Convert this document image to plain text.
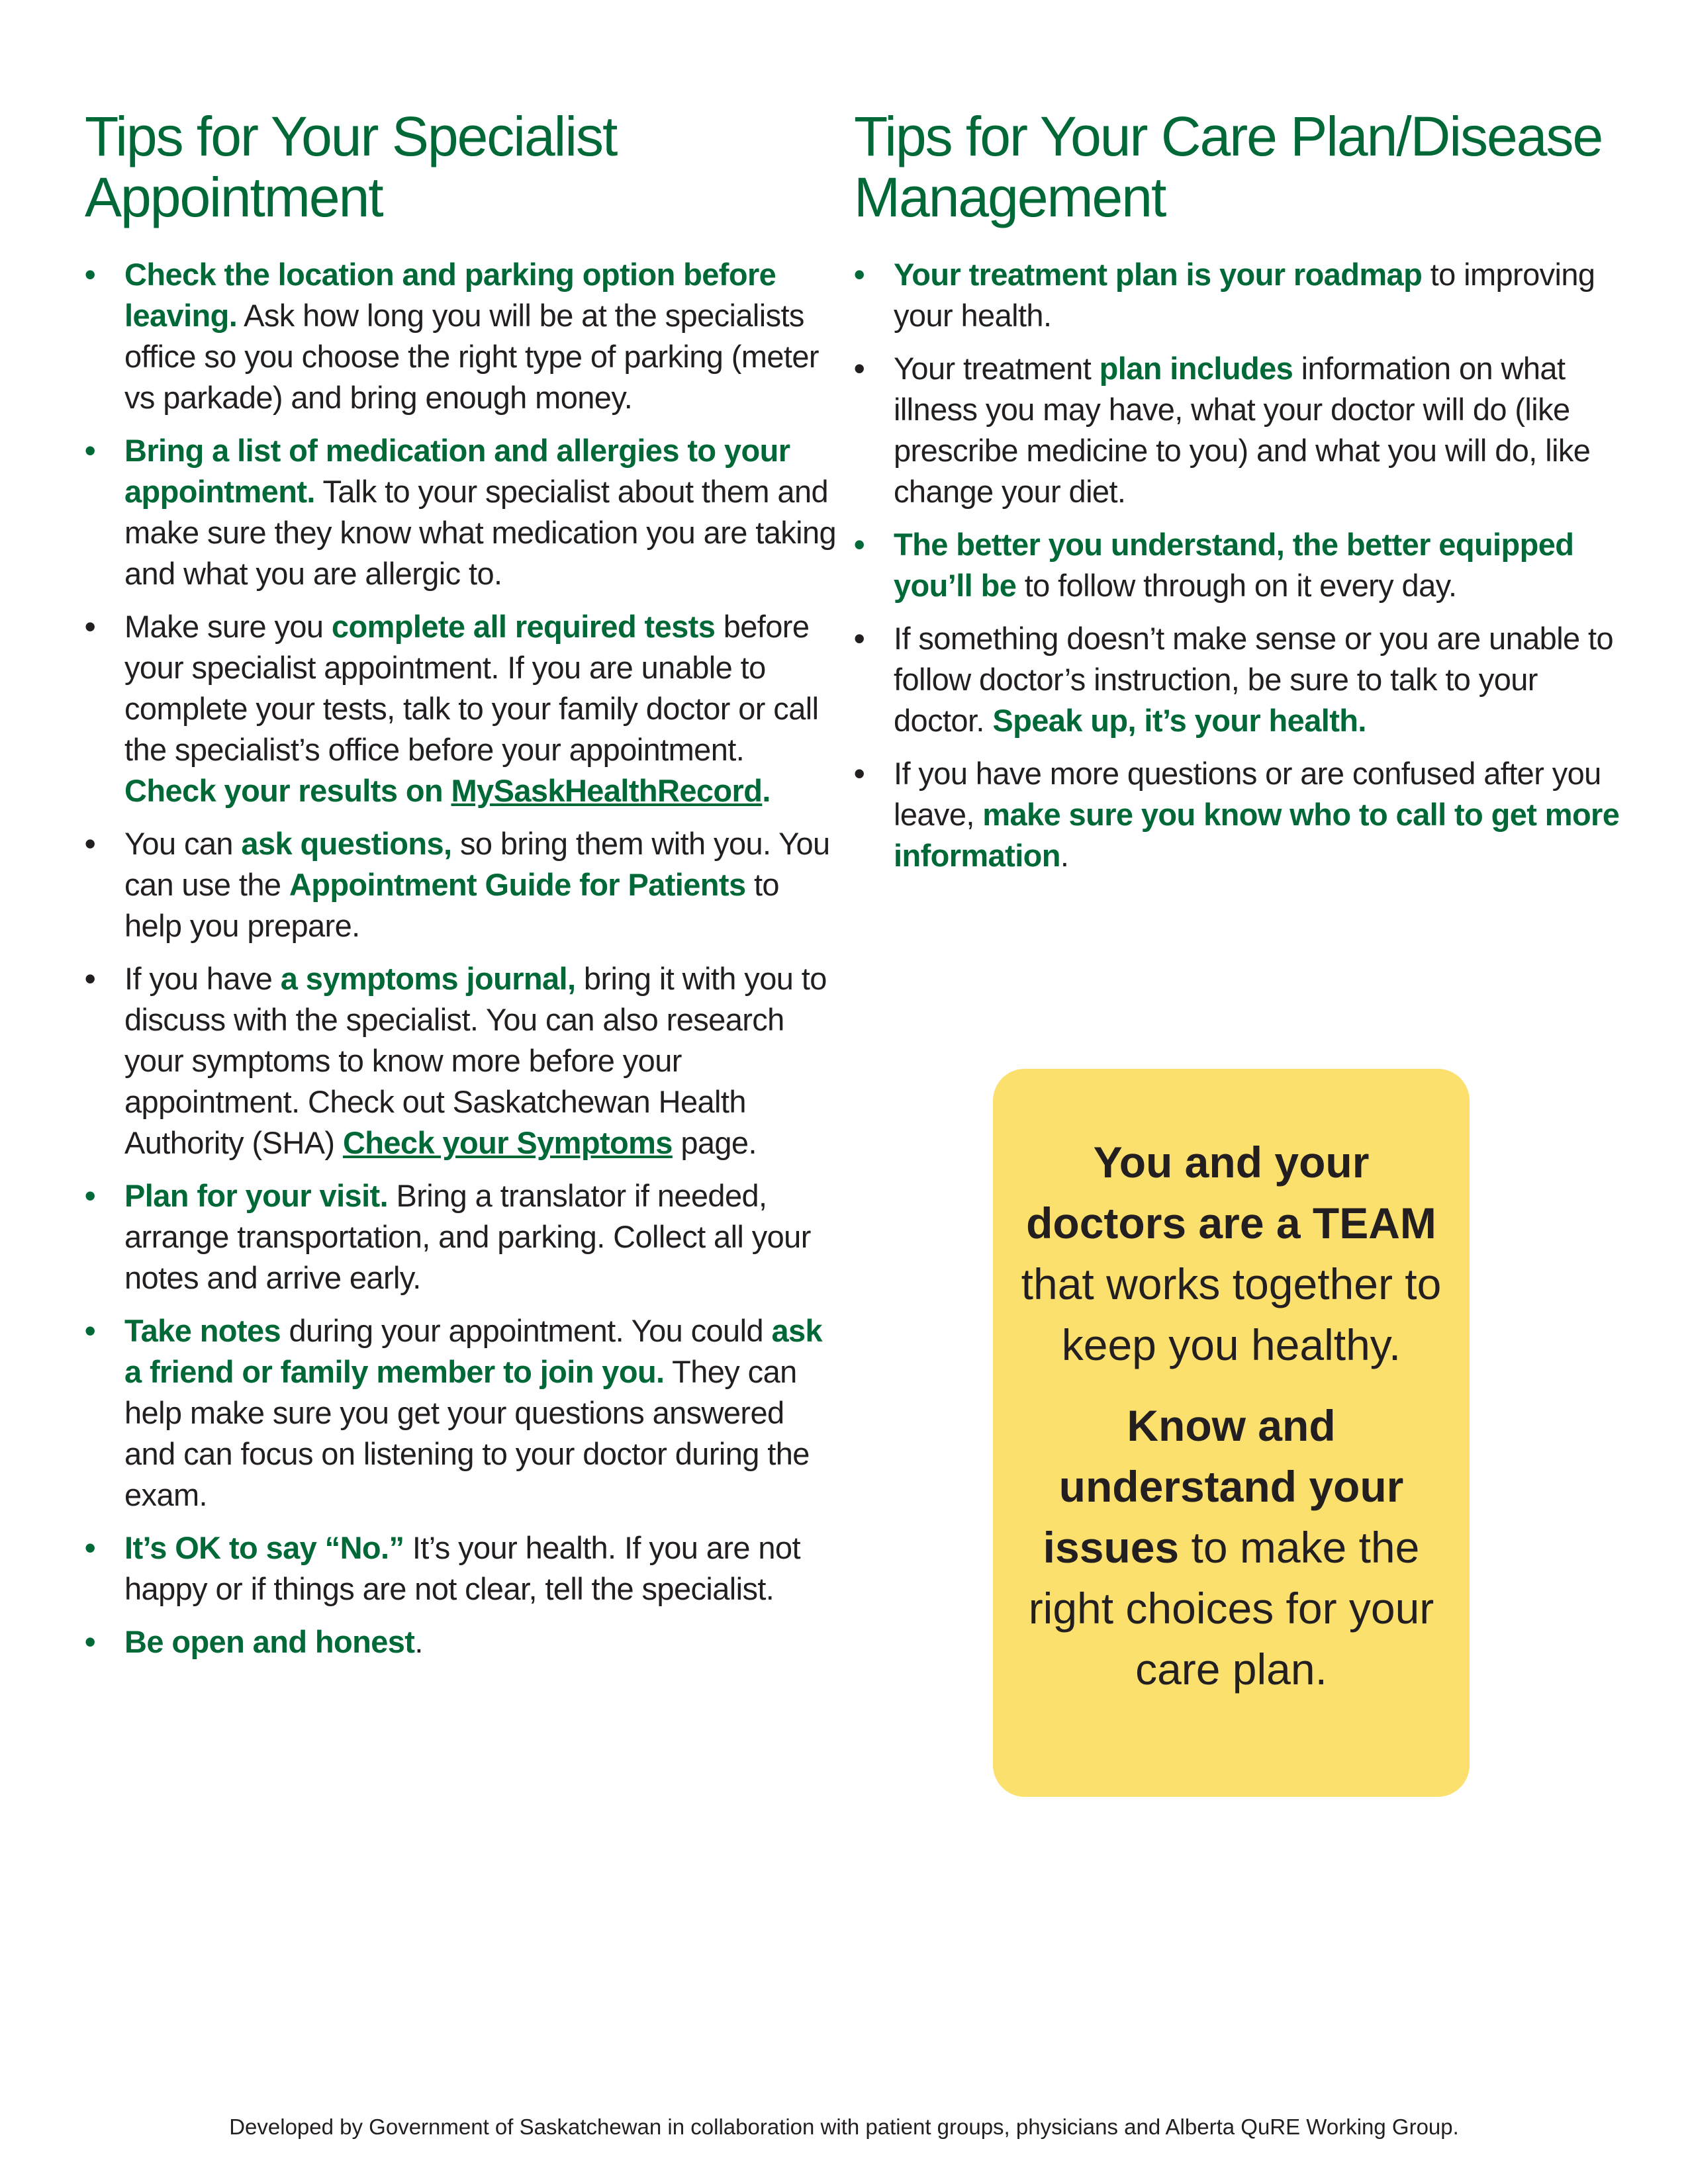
Tips for Your Specialist
Appointment
• Check the location and parking option before leaving. Ask how long you will be at the specialists office so you choose the right type of parking (meter vs parkade) and bring enough money.
• Bring a list of medication and allergies to your appointment. Talk to your specialist about them and make sure they know what medication you are taking and what you are allergic to.
• Make sure you complete all required tests before your specialist appointment. If you are unable to complete your tests, talk to your family doctor or call the specialist’s office before your appointment. Check your results on MySaskHealthRecord.
• You can ask questions, so bring them with you. You can use the Appointment Guide for Patients to help you prepare.
• If you have a symptoms journal, bring it with you to discuss with the specialist. You can also research your symptoms to know more before your appointment. Check out Saskatchewan Health Authority (SHA) Check your Symptoms page.
• Plan for your visit. Bring a translator if needed, arrange transportation, and parking. Collect all your notes and arrive early.
• Take notes during your appointment. You could ask a friend or family member to join you. They can help make sure you get your questions answered and can focus on listening to your doctor during the exam.
• It’s OK to say “No.” It’s your health. If you are not happy or if things are not clear, tell the specialist.
• Be open and honest.
Tips for Your Care Plan/Disease
Management
• Your treatment plan is your roadmap to improving your health.
• Your treatment plan includes information on what illness you may have, what your doctor will do (like prescribe medicine to you) and what you will do, like change your diet.
• The better you understand, the better equipped you’ll be to follow through on it every day.
• If something doesn’t make sense or you are unable to follow doctor’s instruction, be sure to talk to your doctor. Speak up, it’s your health.
• If you have more questions or are confused after you leave, make sure you know who to call to get more information.

You and your doctors are a TEAM that works together to keep you healthy.

Know and understand your issues to make the right choices for your care plan.

Developed by Government of Saskatchewan in collaboration with patient groups, physicians and Alberta QuRE Working Group.
